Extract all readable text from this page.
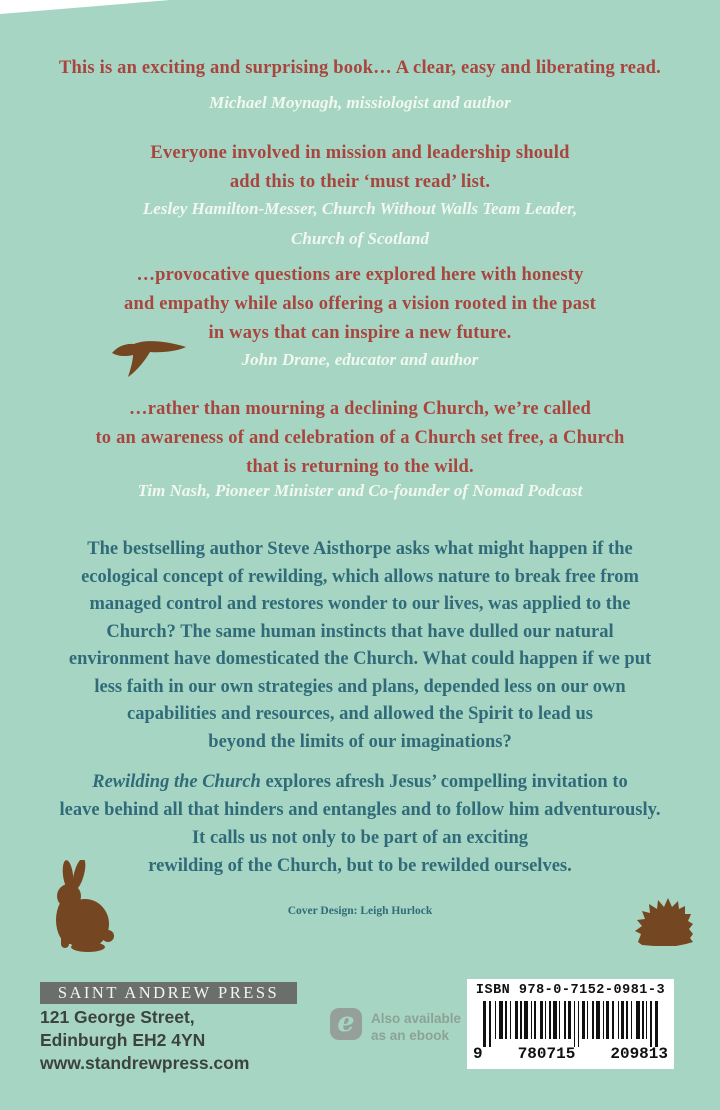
This is an exciting and surprising book… A clear, easy and liberating read.
Michael Moynagh, missiologist and author
Everyone involved in mission and leadership should
add this to their ‘must read’ list.
Lesley Hamilton-Messer, Church Without Walls Team Leader,
Church of Scotland
…provocative questions are explored here with honesty
and empathy while also offering a vision rooted in the past
in ways that can inspire a new future.
John Drane, educator and author
…rather than mourning a declining Church, we’re called
to an awareness of and celebration of a Church set free, a Church
that is returning to the wild.
Tim Nash, Pioneer Minister and Co-founder of Nomad Podcast
The bestselling author Steve Aisthorpe asks what might happen if the
ecological concept of rewilding, which allows nature to break free from
managed control and restores wonder to our lives, was applied to the
Church? The same human instincts that have dulled our natural
environment have domesticated the Church. What could happen if we put
less faith in our own strategies and plans, depended less on our own
capabilities and resources, and allowed the Spirit to lead us
beyond the limits of our imaginations?
Rewilding the Church explores afresh Jesus’ compelling invitation to
leave behind all that hinders and entangles and to follow him adventurously.
It calls us not only to be part of an exciting
rewilding of the Church, but to be rewilded ourselves.
Cover Design: Leigh Hurlock
SAINT ANDREW PRESS
121 George Street,
Edinburgh EH2 4YN
www.standrewpress.com
e	Also available
as an ebook
ISBN 978-0-7152-0981-3
9 780715 209813
